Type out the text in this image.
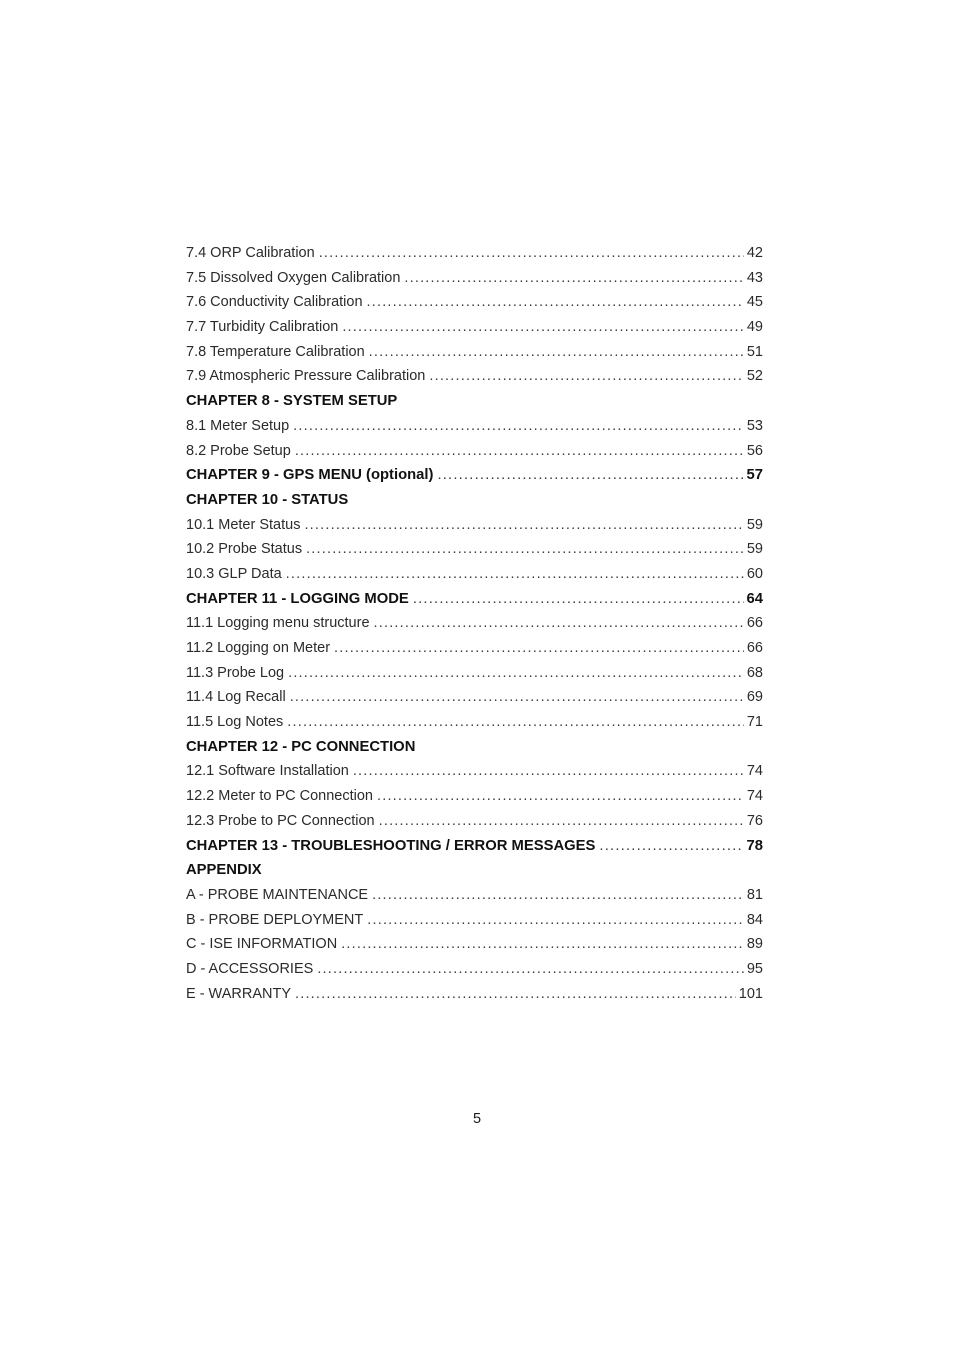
7.4 ORP Calibration .....	42
7.5 Dissolved Oxygen Calibration .....	43
7.6 Conductivity Calibration .....	45
7.7 Turbidity Calibration .....	49
7.8 Temperature Calibration .....	51
7.9 Atmospheric Pressure Calibration .....	52
CHAPTER 8 - SYSTEM SETUP
8.1 Meter Setup .....	53
8.2 Probe Setup .....	56
CHAPTER 9 - GPS MENU (optional) .....	57
CHAPTER 10 - STATUS
10.1 Meter Status .....	59
10.2 Probe Status .....	59
10.3 GLP Data .....	60
CHAPTER 11 - LOGGING MODE .....	64
11.1 Logging menu structure .....	66
11.2 Logging on Meter .....	66
11.3 Probe Log .....	68
11.4 Log Recall .....	69
11.5 Log Notes .....	71
CHAPTER 12 - PC CONNECTION
12.1 Software Installation .....	74
12.2 Meter to PC Connection .....	74
12.3 Probe to PC Connection .....	76
CHAPTER 13 - TROUBLESHOOTING / ERROR MESSAGES .....	78
APPENDIX
A - PROBE MAINTENANCE .....	81
B - PROBE DEPLOYMENT .....	84
C - ISE INFORMATION .....	89
D - ACCESSORIES .....	95
E - WARRANTY .....	101
5
